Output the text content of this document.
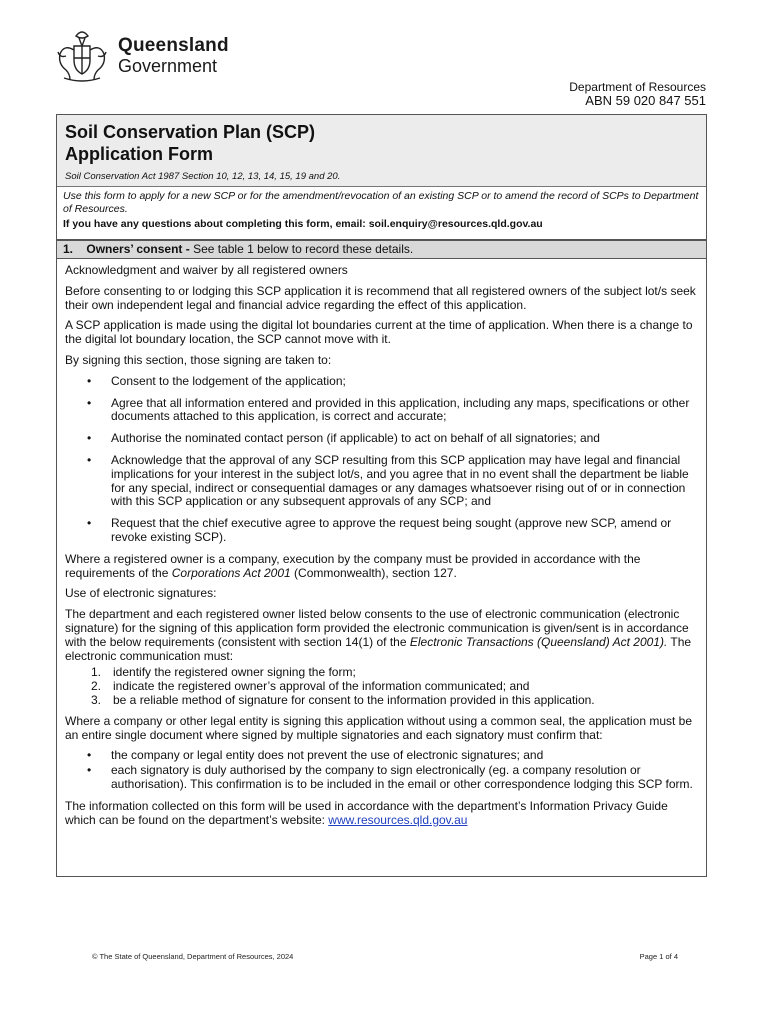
Queensland
Government
Department of Resources
ABN 59 020 847 551
Soil Conservation Plan (SCP)
Application Form
Soil Conservation Act 1987 Section 10, 12, 13, 14, 15, 19 and 20.
Use this form to apply for a new SCP or for the amendment/revocation of an existing SCP or to amend the record of SCPs to Department of Resources.
If you have any questions about completing this form, email: soil.enquiry@resources.qld.gov.au
1. Owners’ consent - See table 1 below to record these details.

Acknowledgment and waiver by all registered owners

Before consenting to or lodging this SCP application it is recommend that all registered owners of the subject lot/s seek their own independent legal and financial advice regarding the effect of this application.

A SCP application is made using the digital lot boundaries current at the time of application. When there is a change to the digital lot boundary location, the SCP cannot move with it.

By signing this section, those signing are taken to:

• Consent to the lodgement of the application;
• Agree that all information entered and provided in this application, including any maps, specifications or other documents attached to this application, is correct and accurate;
• Authorise the nominated contact person (if applicable) to act on behalf of all signatories; and
• Acknowledge that the approval of any SCP resulting from this SCP application may have legal and financial implications for your interest in the subject lot/s, and you agree that in no event shall the department be liable for any special, indirect or consequential damages or any damages whatsoever rising out of or in connection with this SCP application or any subsequent approvals of any SCP; and
• Request that the chief executive agree to approve the request being sought (approve new SCP, amend or revoke existing SCP).

Where a registered owner is a company, execution by the company must be provided in accordance with the requirements of the Corporations Act 2001 (Commonwealth), section 127.

Use of electronic signatures:

The department and each registered owner listed below consents to the use of electronic communication (electronic signature) for the signing of this application form provided the electronic communication is given/sent is in accordance with the below requirements (consistent with section 14(1) of the Electronic Transactions (Queensland) Act 2001). The electronic communication must:

1. identify the registered owner signing the form;
2. indicate the registered owner’s approval of the information communicated; and
3. be a reliable method of signature for consent to the information provided in this application.

Where a company or other legal entity is signing this application without using a common seal, the application must be an entire single document where signed by multiple signatories and each signatory must confirm that:

• the company or legal entity does not prevent the use of electronic signatures; and
• each signatory is duly authorised by the company to sign electronically (eg. a company resolution or authorisation). This confirmation is to be included in the email or other correspondence lodging this SCP form.

The information collected on this form will be used in accordance with the department’s Information Privacy Guide which can be found on the department’s website: www.resources.qld.gov.au

© The State of Queensland, Department of Resources, 2024	Page 1 of 4
